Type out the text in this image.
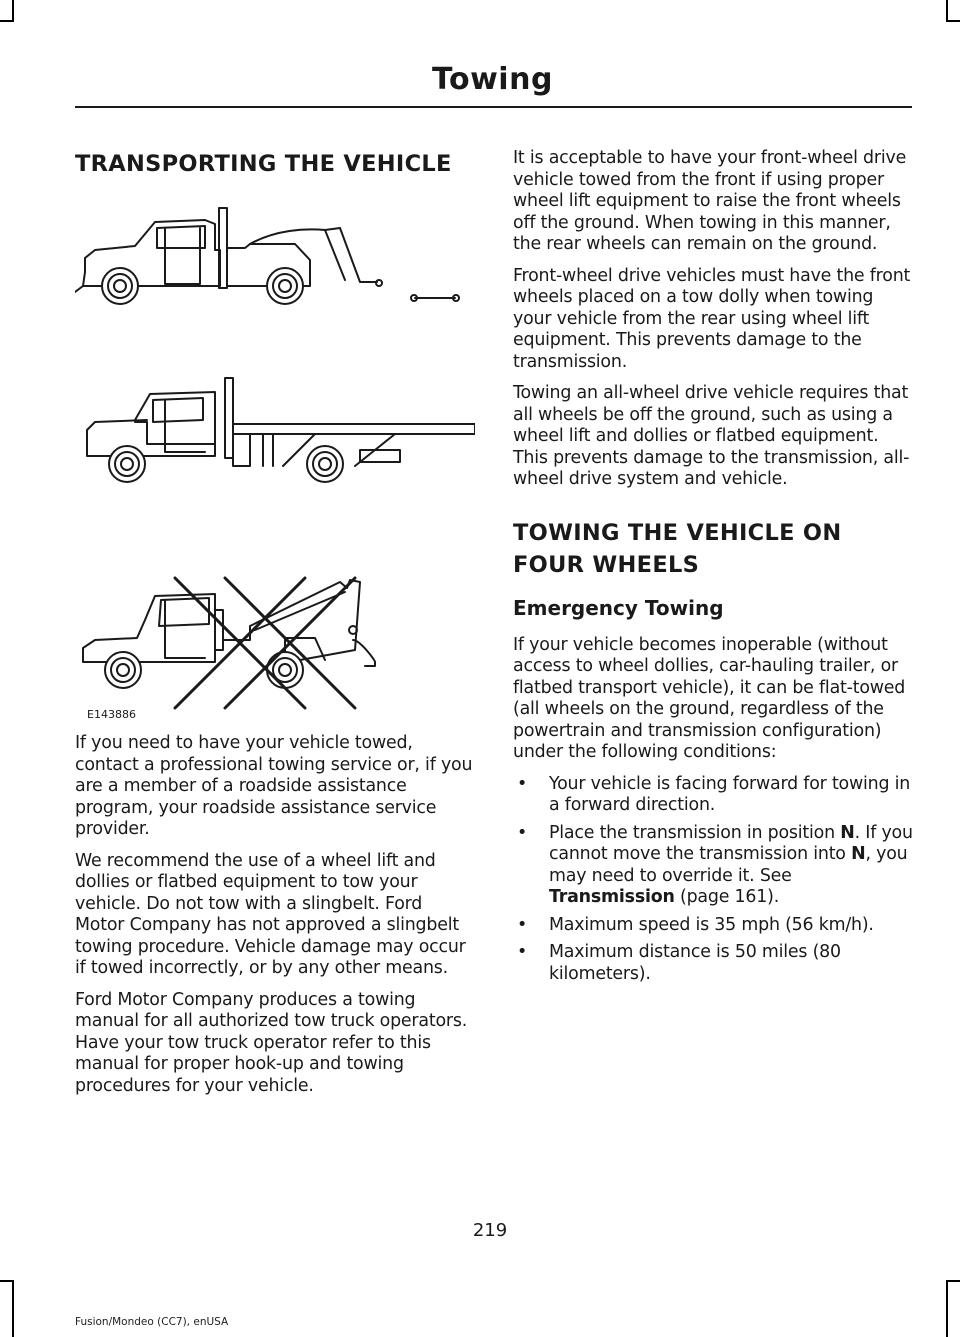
Towing
TRANSPORTING THE VEHICLE
E143886

If you need to have your vehicle towed, contact a professional towing service or, if you are a member of a roadside assistance program, your roadside assistance service provider.

We recommend the use of a wheel lift and dollies or flatbed equipment to tow your vehicle. Do not tow with a slingbelt. Ford Motor Company has not approved a slingbelt towing procedure. Vehicle damage may occur if towed incorrectly, or by any other means.

Ford Motor Company produces a towing manual for all authorized tow truck operators. Have your tow truck operator refer to this manual for proper hook-up and towing procedures for your vehicle.

It is acceptable to have your front-wheel drive vehicle towed from the front if using proper wheel lift equipment to raise the front wheels off the ground. When towing in this manner, the rear wheels can remain on the ground.

Front-wheel drive vehicles must have the front wheels placed on a tow dolly when towing your vehicle from the rear using wheel lift equipment. This prevents damage to the transmission.

Towing an all-wheel drive vehicle requires that all wheels be off the ground, such as using a wheel lift and dollies or flatbed equipment. This prevents damage to the transmission, all-wheel drive system and vehicle.

TOWING THE VEHICLE ON
FOUR WHEELS
Emergency Towing

If your vehicle becomes inoperable (without access to wheel dollies, car-hauling trailer, or flatbed transport vehicle), it can be flat-towed (all wheels on the ground, regardless of the powertrain and transmission configuration) under the following conditions:

• Your vehicle is facing forward for towing in a forward direction.
• Place the transmission in position N. If you cannot move the transmission into N, you may need to override it. See Transmission (page 161).
• Maximum speed is 35 mph (56 km/h).
• Maximum distance is 50 miles (80 kilometers).
219
Fusion/Mondeo (CC7), enUSA
